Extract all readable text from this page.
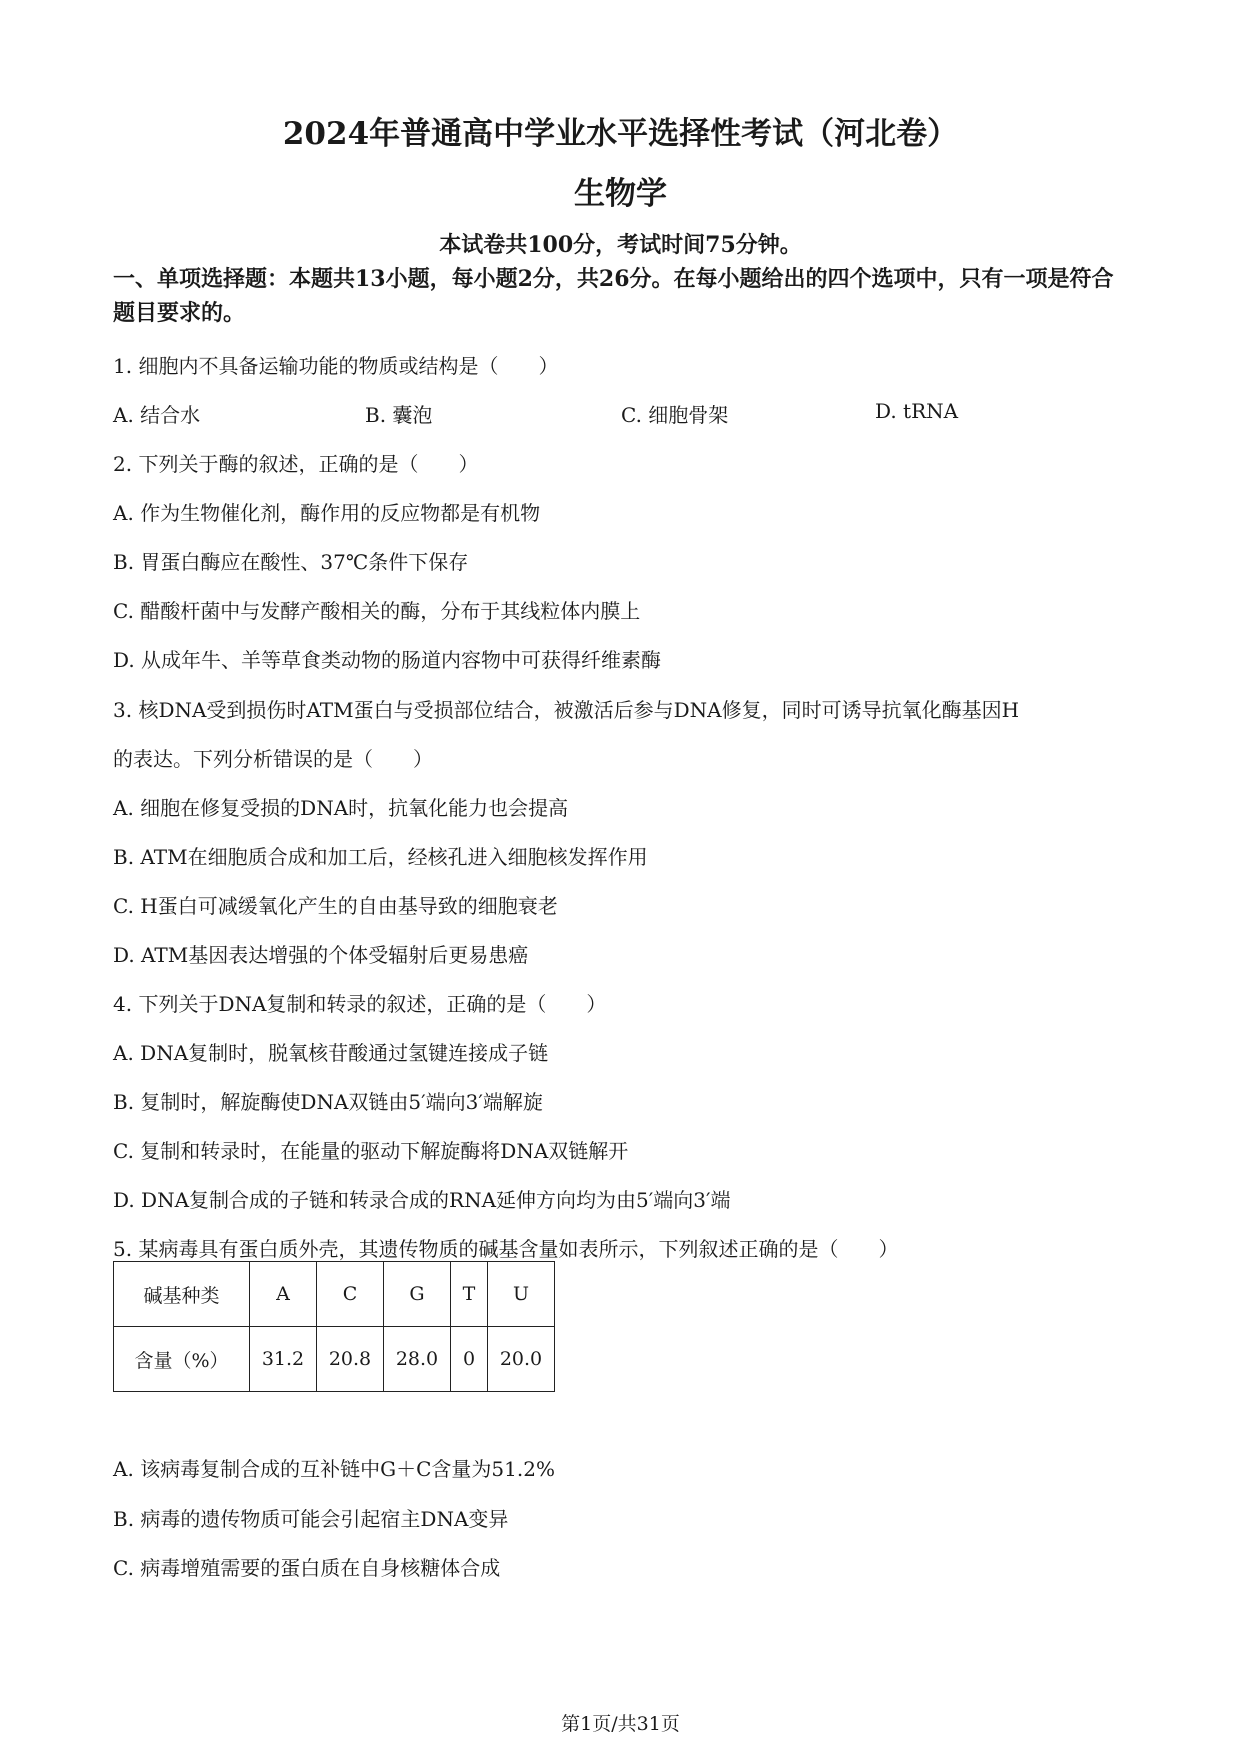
2024年普通高中学业水平选择性考试（河北卷）
生物学
本试卷共100分，考试时间75分钟。
一、单项选择题：本题共13小题，每小题2分，共26分。在每小题给出的四个选项中，只有一项是符合题目要求的。
1. 细胞内不具备运输功能的物质或结构是（　　）
A. 结合水	B. 囊泡	C. 细胞骨架	D. tRNA
2. 下列关于酶的叙述，正确的是（　　）
A. 作为生物催化剂，酶作用的反应物都是有机物
B. 胃蛋白酶应在酸性、37℃条件下保存
C. 醋酸杆菌中与发酵产酸相关的酶，分布于其线粒体内膜上
D. 从成年牛、羊等草食类动物的肠道内容物中可获得纤维素酶
3. 核DNA受到损伤时ATM蛋白与受损部位结合，被激活后参与DNA修复，同时可诱导抗氧化酶基因H
的表达。下列分析错误的是（　　）
A. 细胞在修复受损的DNA时，抗氧化能力也会提高
B. ATM在细胞质合成和加工后，经核孔进入细胞核发挥作用
C. H蛋白可减缓氧化产生的自由基导致的细胞衰老
D. ATM基因表达增强的个体受辐射后更易患癌
4. 下列关于DNA复制和转录的叙述，正确的是（　　）
A. DNA复制时，脱氧核苷酸通过氢键连接成子链
B. 复制时，解旋酶使DNA双链由5′端向3′端解旋
C. 复制和转录时，在能量的驱动下解旋酶将DNA双链解开
D. DNA复制合成的子链和转录合成的RNA延伸方向均为由5′端向3′端
5. 某病毒具有蛋白质外壳，其遗传物质的碱基含量如表所示，下列叙述正确的是（　　）
碱基种类	A	C	G	T	U
含量（%）	31.2	20.8	28.0	0	20.0
A. 该病毒复制合成的互补链中G＋C含量为51.2%
B. 病毒的遗传物质可能会引起宿主DNA变异
C. 病毒增殖需要的蛋白质在自身核糖体合成
第1页/共31页
